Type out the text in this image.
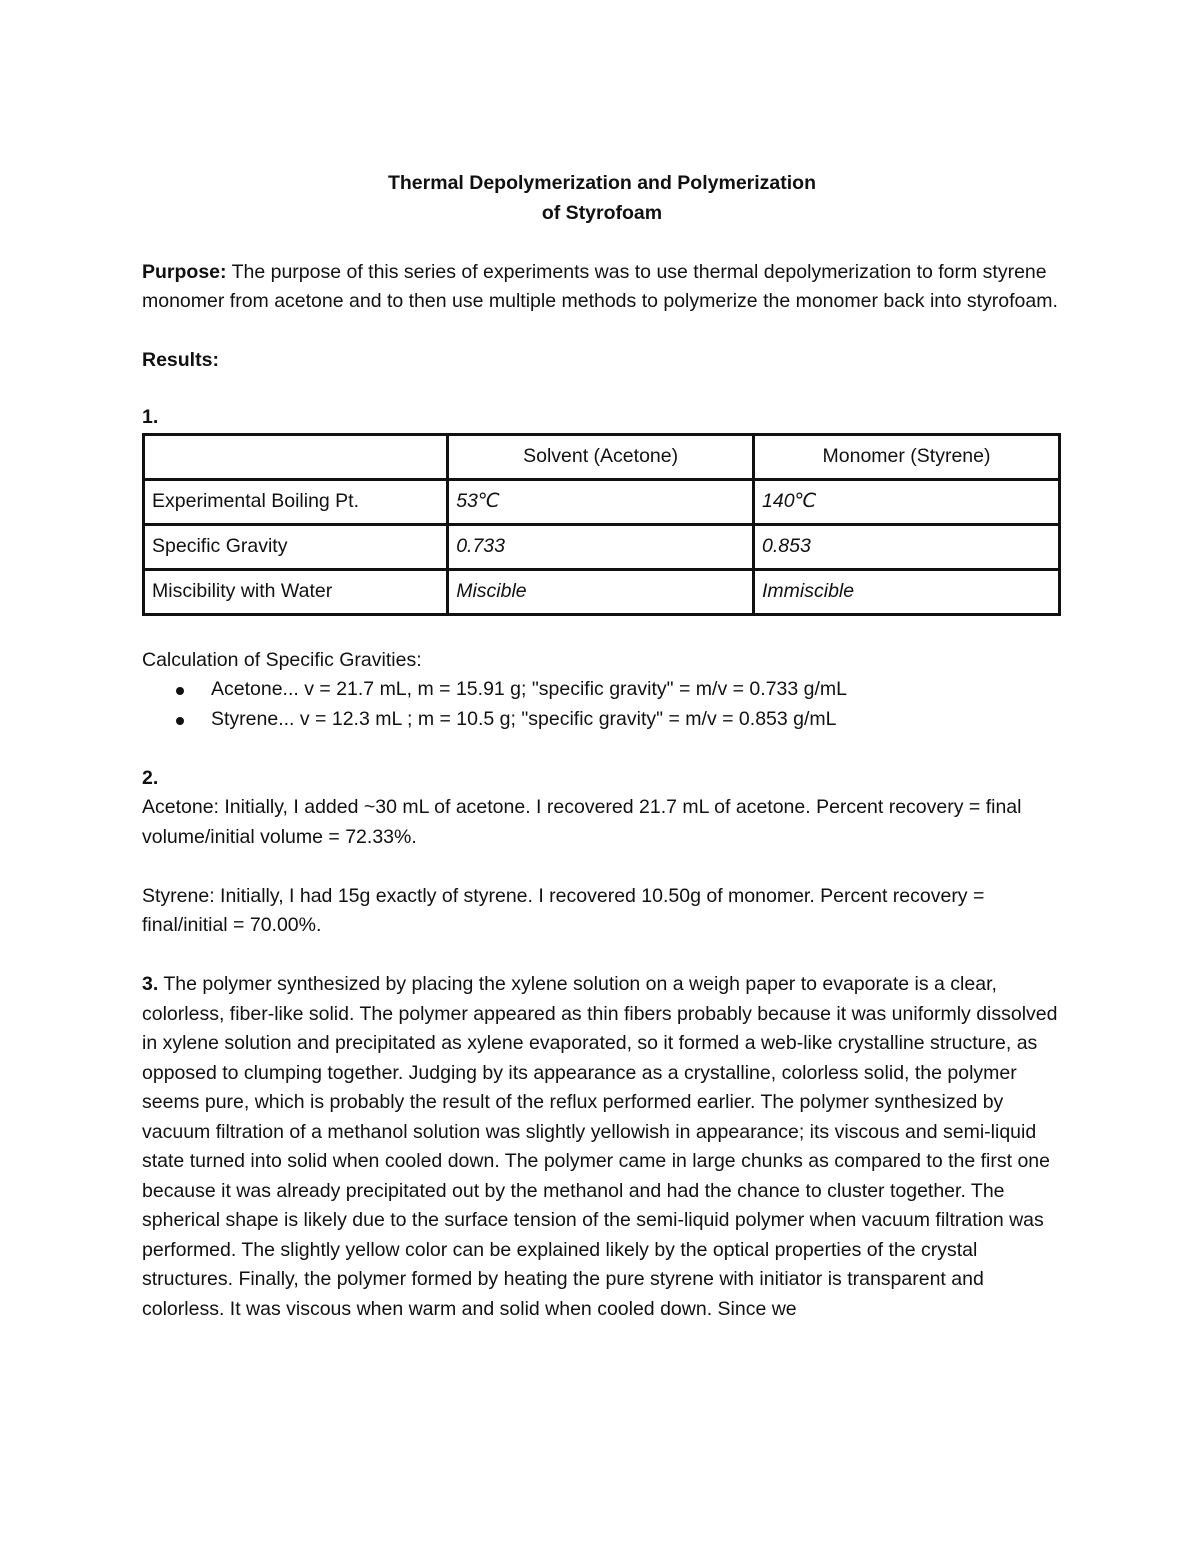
Thermal Depolymerization and Polymerization

of Styrofoam

Purpose: The purpose of this series of experiments was to use thermal depolymerization to form styrene monomer from acetone and to then use multiple methods to polymerize the monomer back into styrofoam.

Results:

1.

	Solvent (Acetone)	Monomer (Styrene)
Experimental Boiling Pt.	53℃	140℃
Specific Gravity	0.733	0.853
Miscibility with Water	Miscible	Immiscible

Calculation of Specific Gravities:

Acetone... v = 21.7 mL, m = 15.91 g; "specific gravity" = m/v = 0.733 g/mL
Styrene... v = 12.3 mL ; m = 10.5 g; "specific gravity" = m/v = 0.853 g/mL

2.

Acetone: Initially, I added ~30 mL of acetone. I recovered 21.7 mL of acetone. Percent recovery = final volume/initial volume = 72.33%.

Styrene: Initially, I had 15g exactly of styrene. I recovered 10.50g of monomer. Percent recovery = final/initial = 70.00%.

3. The polymer synthesized by placing the xylene solution on a weigh paper to evaporate is a clear, colorless, fiber-like solid. The polymer appeared as thin fibers probably because it was uniformly dissolved in xylene solution and precipitated as xylene evaporated, so it formed a web-like crystalline structure, as opposed to clumping together. Judging by its appearance as a crystalline, colorless solid, the polymer seems pure, which is probably the result of the reflux performed earlier. The polymer synthesized by vacuum filtration of a methanol solution was slightly yellowish in appearance; its viscous and semi-liquid state turned into solid when cooled down. The polymer came in large chunks as compared to the first one because it was already precipitated out by the methanol and had the chance to cluster together. The spherical shape is likely due to the surface tension of the semi-liquid polymer when vacuum filtration was performed. The slightly yellow color can be explained likely by the optical properties of the crystal structures. Finally, the polymer formed by heating the pure styrene with initiator is transparent and colorless. It was viscous when warm and solid when cooled down. Since we
